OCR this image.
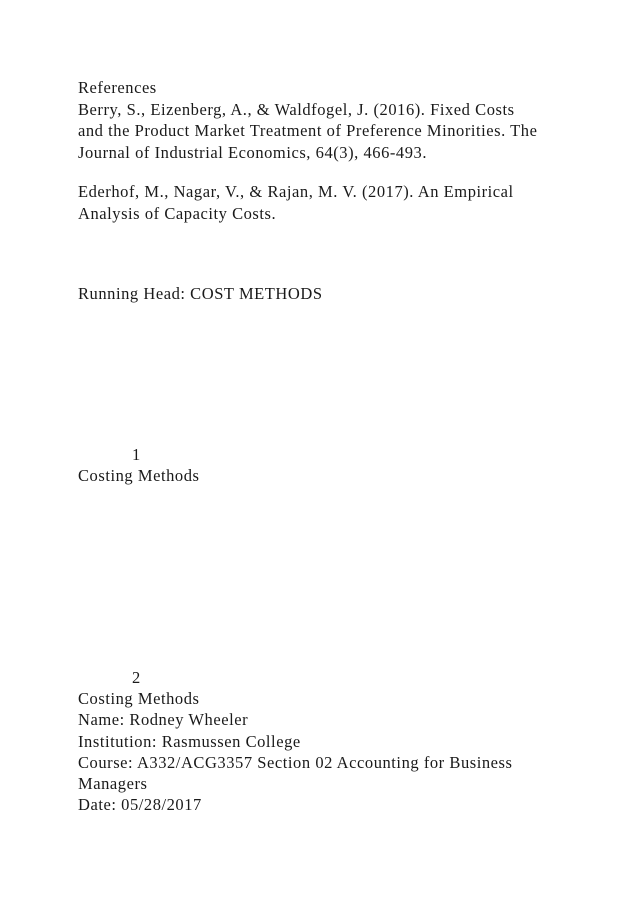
References
Berry, S., Eizenberg, A., & Waldfogel, J. (2016). Fixed Costs
and the Product Market Treatment of Preference Minorities. The
Journal of Industrial Economics, 64(3), 466-493.
Ederhof, M., Nagar, V., & Rajan, M. V. (2017). An Empirical
Analysis of Capacity Costs.
Running Head: COST METHODS
1
Costing Methods
2
Costing Methods
Name: Rodney Wheeler
Institution: Rasmussen College
Course: A332/ACG3357 Section 02 Accounting for Business
Managers
Date: 05/28/2017
